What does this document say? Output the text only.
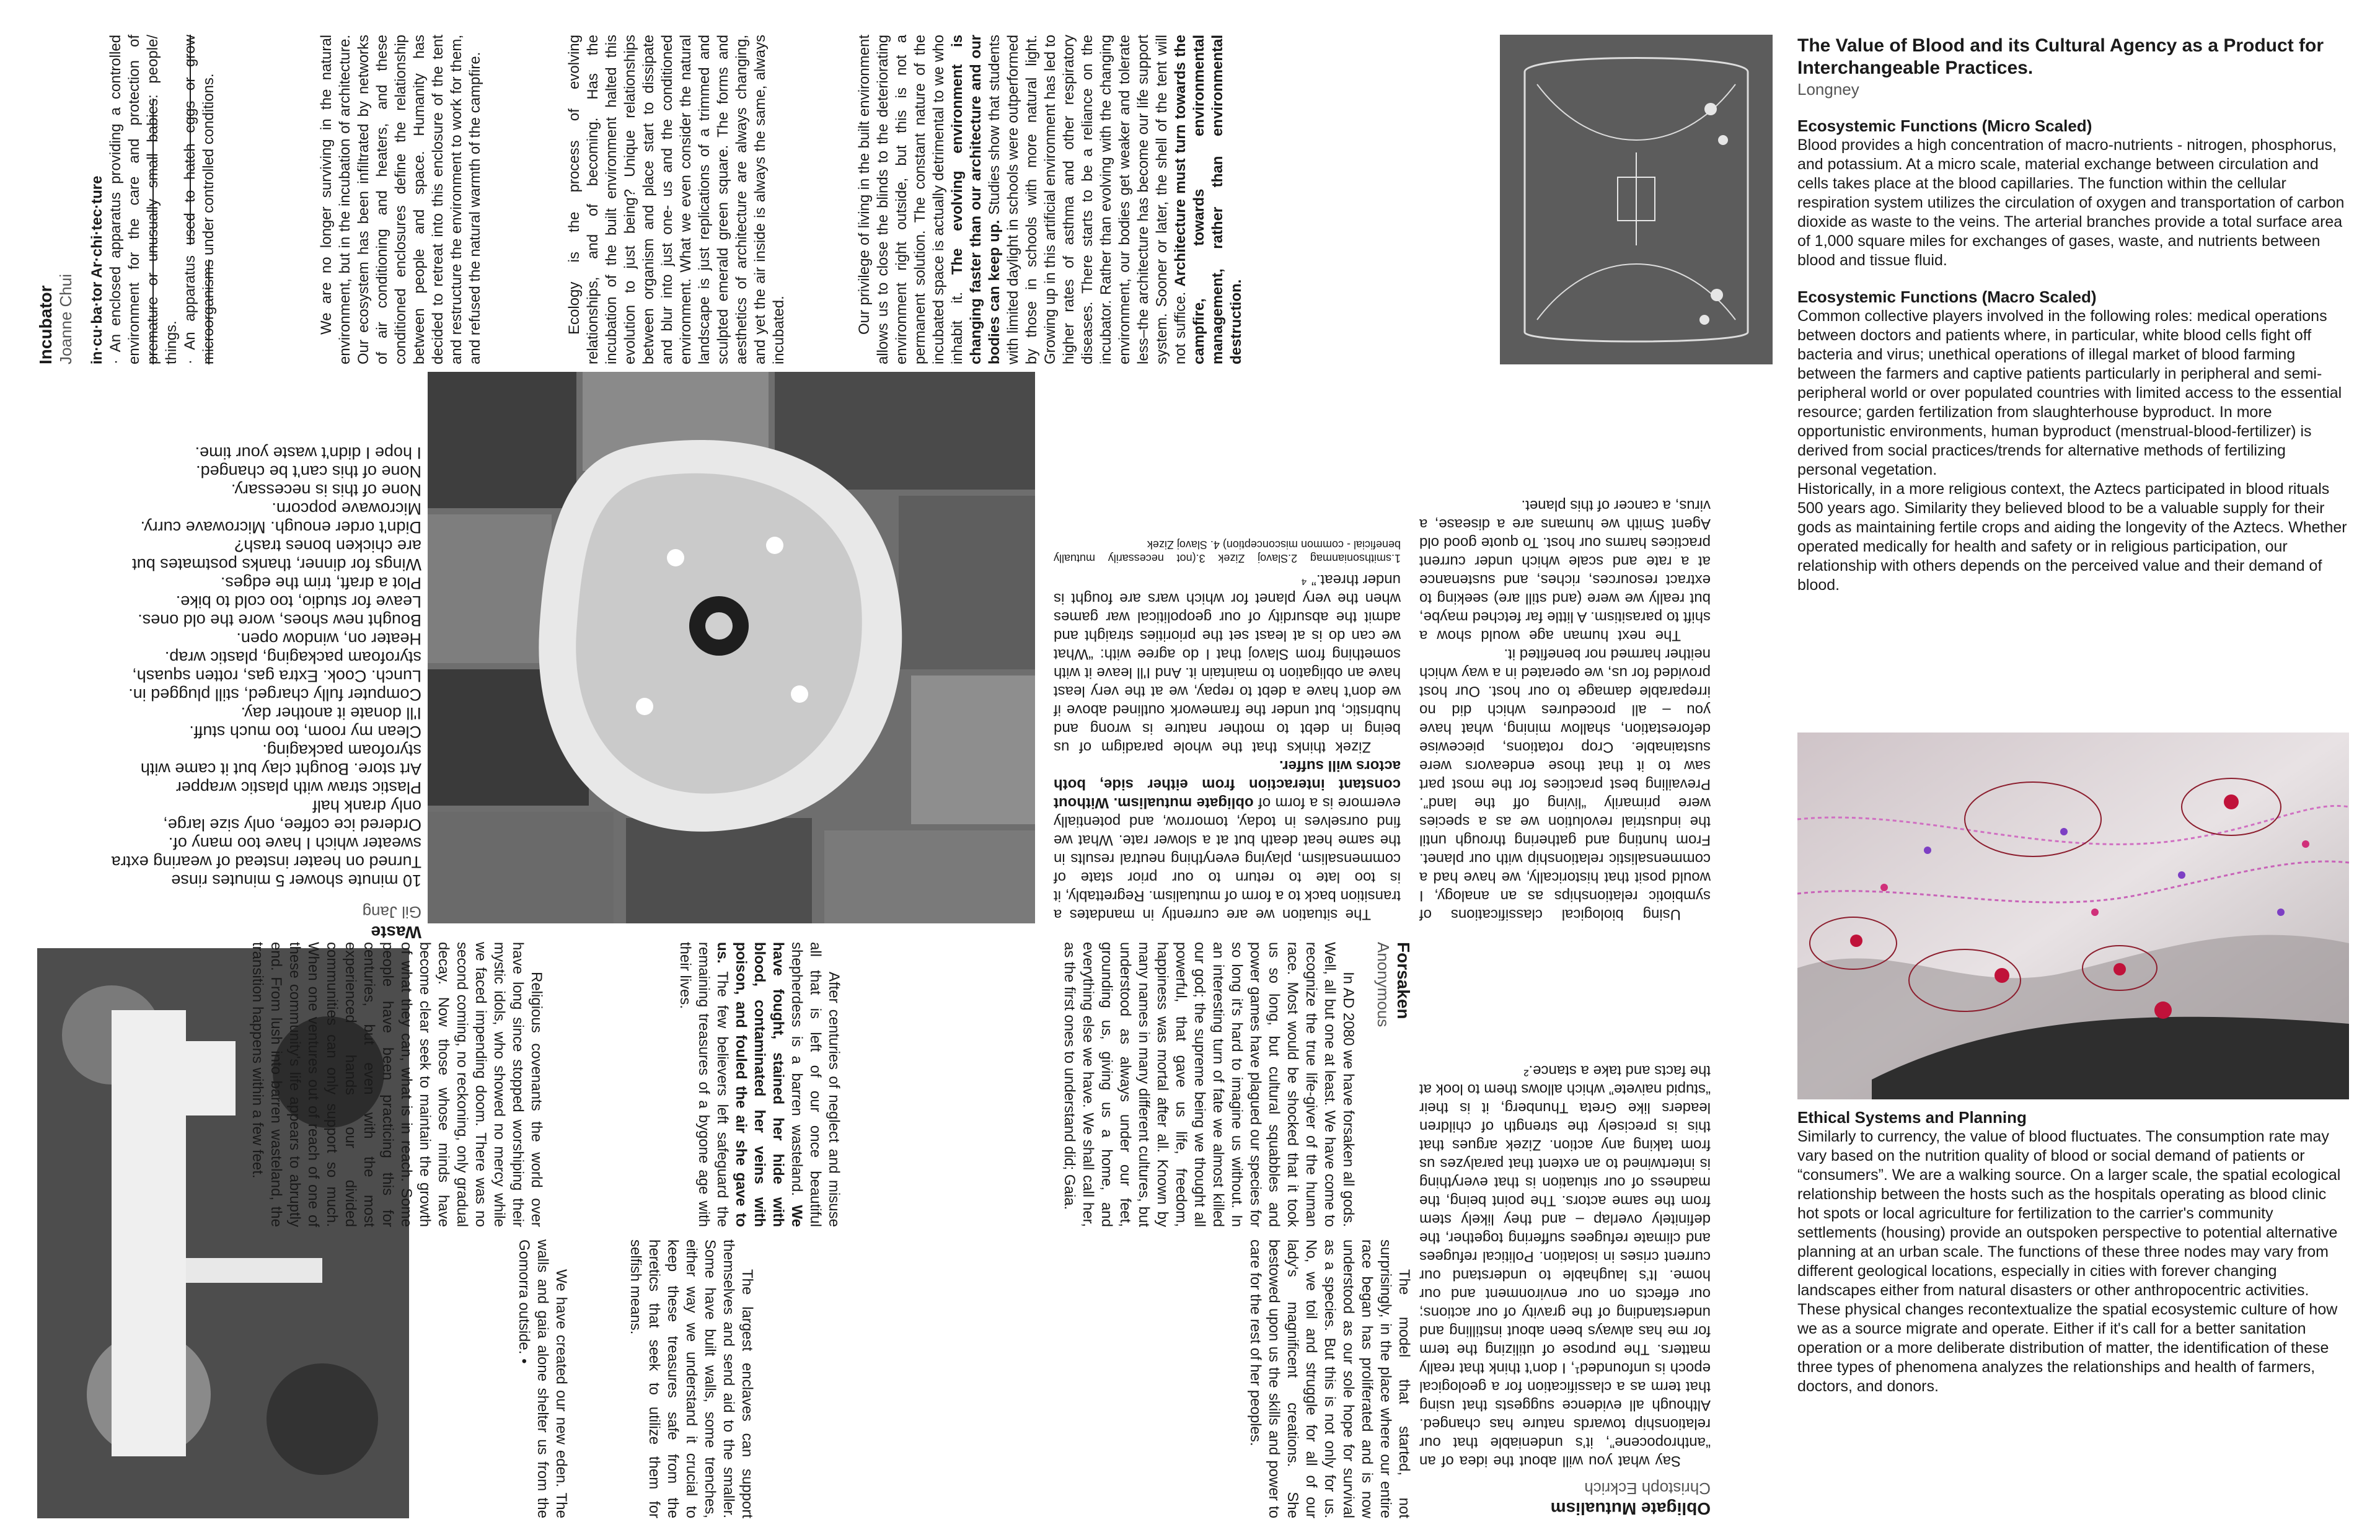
The Value of Blood and its Cultural Agency as a Product for Interchangeable Practices.
Longney
Ecosystemic Functions (Micro Scaled)

Blood provides a high concentration of macro-nutrients - nitrogen, phosphorus, and potassium. At a micro scale, material exchange between circulation and cells takes place at the blood capillaries. The function within the cellular respiration system utilizes the circulation of oxygen and transportation of carbon dioxide as waste to the veins. The arterial branches provide a total surface area of 1,000 square miles for exchanges of gases, waste, and nutrients between blood and tissue fluid.

Ecosystemic Functions (Macro Scaled)

Common collective players involved in the following roles: medical operations between doctors and patients where, in particular, white blood cells fight off bacteria and virus; unethical operations of illegal market of blood farming between the farmers and captive patients particularly in peripheral and semi-peripheral world or over populated countries with limited access to the essential resource; garden fertilization from slaughterhouse byproduct. In more opportunistic environments, human byproduct (menstrual-blood-fertilizer) is derived from social practices/trends for alternative methods of fertilizing personal vegetation.

Historically, in a more religious context, the Aztecs participated in blood rituals 500 years ago. Similarity they believed blood to be a valuable supply for their gods as maintaining fertile crops and aiding the longevity of the Aztecs. Whether operated medically for health and safety or in religious participation, our relationship with others depends on the perceived value and their demand of blood.

Ethical Systems and Planning

Similarly to currency, the value of blood fluctuates. The consumption rate may vary based on the nutrition quality of blood or social demand of patients or “consumers”. We are a walking source. On a larger scale, the spatial ecological relationship between the hosts such as the hospitals operating as blood clinic hot spots or local agriculture for fertilization to the carrier's community settlements (housing) provide an outspoken perspective to potential alternative planning at an urban scale. The functions of these three nodes may vary from different geological locations, especially in cities with forever changing landscapes either from natural disasters or other anthropocentric activities. These physical changes recontextualize the spatial ecosystemic culture of how we as a source migrate and operate. Either if it's call for a better sanitation operation or a more deliberate distribution of matter, the identification of these three types of phenomena analyzes the relationships and health of farmers, doctors, and donors.

Incubator Joanne Chui in·cu·ba·tor Ar·chi·tec·ture · An enclosed apparatus providing a controlled environment for the care and protection of premature or unusually small babies: people/ things. · An apparatus used to hatch eggs or grow microorganisms under controlled conditions.	We are no longer surviving in the natural environment, but in the incubation of architecture. Our ecosystem has been infiltrated by networks of air conditioning and heaters, and these conditioned enclosures define the relationship between people and space. Humanity has decided to retreat into this enclosure of the tent and restructure the environment to work for them, and refused the natural warmth of the campfire.	Ecology is the process of evolving relationships, and of becoming. Has the incubation of the built environment halted this evolution to just being? Unique relationships between organism and place start to dissipate and blur into just one- us and the conditioned environment. What we even consider the natural landscape is just replications of a trimmed and sculpted emerald green square. The forms and aesthetics of architecture are always changing, and yet the air inside is always the same, always incubated.	Our privilege of living in the built environment allows us to close the blinds to the deteriorating environment right outside, but this is not a permanent solution. The constant nature of the incubated space is actually detrimental to we who inhabit it. The evolving environment is changing faster than our architecture and our bodies can keep up. Studies show that students with limited daylight in schools were outperformed by those in schools with more natural light. Growing up in this artificial environment has led to higher rates of asthma and other respiratory diseases. There starts to be a reliance on the incubator. Rather than evolving with the changing environment, our bodies get weaker and tolerate less–the architecture has become our life support system. Sooner or later, the shell of the tent will not suffice. Architecture must turn towards the campfire, towards environmental management, rather than environmental destruction.

Obligate Mutualism
Christoph Eckrich

Say what you will about the idea of an “anthropocene”, it’s undeniable that our relationship towards nature has changed. Although all evidence suggests that using that term as a classification for a geological epoch is unfounded¹, I don’t think that really matters. The purpose of utilizing the term for me has always been about instilling and understanding of the gravity of our actions; our effects on our environment and our home. It’s laughable to understand our current crises in isolation. Political refugees and climate refugees suffering together, the definitely overlap – and they likely stem from the same actors. The point being, the madness of our situation is that everything is intertwined to an extent that paralyzes us from taking any action. Zizek argues that this is precisely the strength of children leaders like Greta Thunberg, it is their “stupid naivete” which allows them to look at the facts and take a stance.²

Using biological classifications of symbiotic relationships as an analogy, I would posit that historically, we have had a commensalistic relationship with our planet. From hunting and gathering through until the industrial revolution we as a species were primarily “living off the land”. Prevailing best practices for the most part saw to it that those endeavors were sustainable. Crop rotations, piecewise deforestation, shallow mining, what have you – all procedures which did no irreparable damage to our host. Our host provided for us, we operated in a way which neither harmed nor benefited it.

The next human age would show a shift to parasitism. A little far fetched maybe, but really we were (and still are) seeking to extract resources, riches, and sustenance at a rate and scale which under current practices harms our host. To quote good old Agent Smith we humans are a disease, a virus, a cancer of this planet.

The situation we are currently in mandates a transition back to a form of mutualism. Regrettably, it is too late to return to our prior state of commensalism, playing everything neutral results in the same heat death but at a slower rate. What we find ourselves in today, tomorrow, and potentially evermore is a form of obligate mutualism. Without constant interaction from either side, both actors will suffer.

Zizek thinks that the whole paradigm of us being in debt to mother nature is wrong and hubristic, but under the framework outlined above if we don't have a debt to repay, we at the very least have an obligation to maintain it. And I'll leave it with something from Slavoj that I do agree with: “What we can do is at least set the priorities straight and admit the absurdity of our geopolitical war games when the very planet for which wars are fought is under threat.” ⁴

1.smithsonianmag 2.Slavoj Zizek 3.(not necessarily mutually beneficial - common misconception) 4. Slavoj Zizek
Waste
Gil Jang
10 minute shower 5 minutes rinse
Turned on heater instead of wearing extra
sweater which I have too many of.
Ordered ice coffee, only size large,
only drank half
Plastic straw with plastic wrapper
Art store. Bought clay but it came with
styrofoam packaging.
Clean my room, too much stuff.
I'll donate it another day.
Computer fully charged, still plugged in.
Lunch. Cook. Extra gas, rotten squash,
styrofoam packaging, plastic wrap.
Heater on, window open.
Bought new shoes, wore the old ones.
Leave for studio, too cold to bike.
Plot a draft, trim the edges.
Wings for dinner, thanks postmates but
are chicken bones trash?
Didn't order enough. Microwave curry.
Microwave popcorn.
None of this is necessary.
None of this can't be changed.
I hope I didn't waste your time.
Forsaken
Anonymous

In AD 2080 we have forsaken all gods. Well, all but one at least. We have come to recognize the true life-giver of the human race. Most would be shocked that it took us so long, but cultural squabbles and power games have plagued our species for so long it's hard to imagine us without. In an interesting turn of fate we almost killed our god; the supreme being we thought all powerful, that gave us life, freedom, happiness was mortal after all. Known by many names in many different cultures, but understood as always under our feet, grounding us, giving us a home, and everything else we have. We shall call her, as the first ones to understand did; Gaia.

After centuries of neglect and misuse all that is left of our once beautiful shepherdess is a barren wasteland. We have fought, stained her hide with blood, contaminated her veins with poison, and fouled the air she gave to us. The few believers left safeguard the remaining treasures of a bygone age with their lives.

Religious covenants the world over have long since stopped worshiping their mystic idols, who showed no mercy while we faced impending doom. There was no second coming, no reckoning, only gradual decay. Now those whose minds have become clear seek to maintain the growth of what they can, what is in reach. Some people have been practicing this for centuries, but even with the most experienced hands our divided communities can only support so much. When one ventures out of reach of one of these community's life appears to abruptly end. From lush into barren wasteland, the transition happens within a few feet.

The model that started, not surprisingly, in the place where our entire race began has proliferated and is now understood as our sole hope for survival as a species. But this is not only for us. No, we toil and struggle for all of our lady's magnificent creations. She bestowed upon us the skills and power to care for the rest of her peoples.

The largest enclaves can support themselves and send aid to the smaller. Some have built walls, some trenches, either way we understand it crucial to keep these treasures safe from the heretics that seek to utilize them for selfish means.

We have created our new eden. The walls and gaia alone shelter us from the Gomorra outside. •
